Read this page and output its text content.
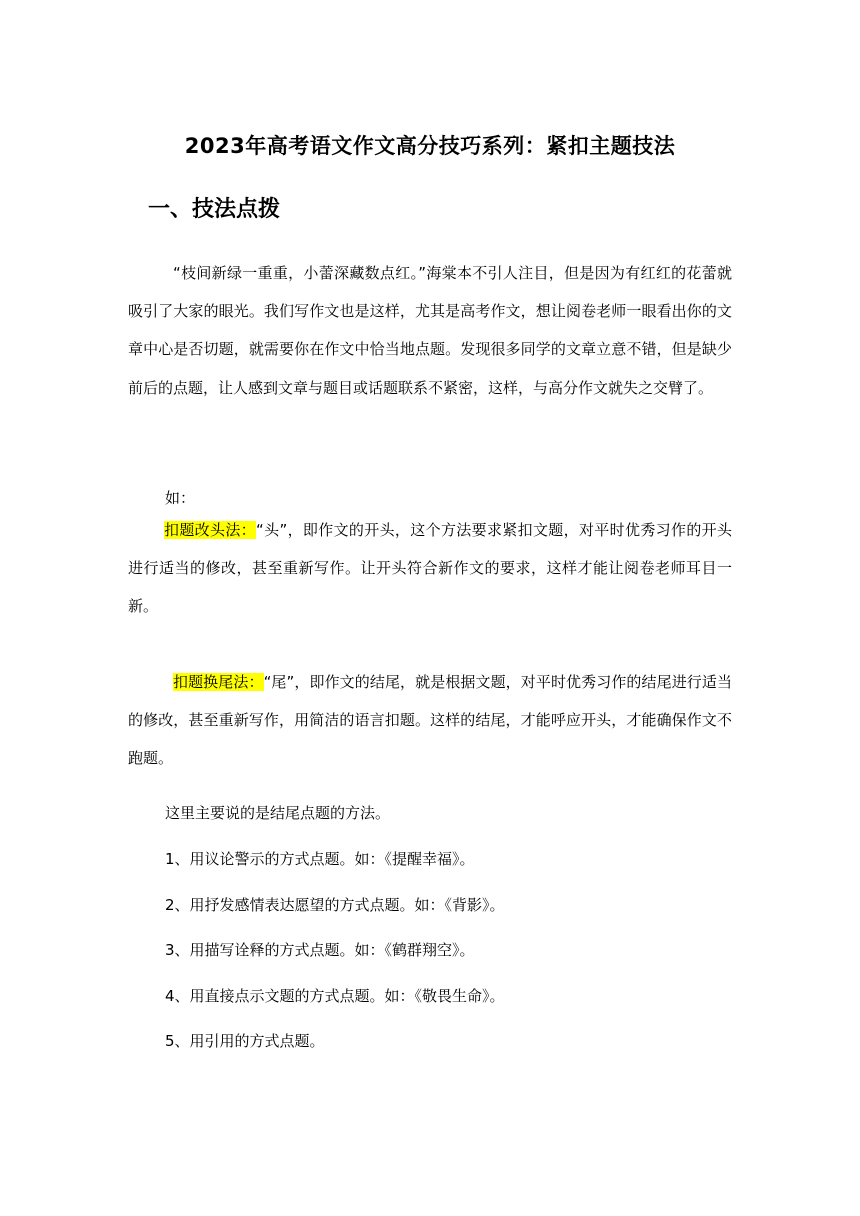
2023年高考语文作文高分技巧系列：紧扣主题技法
一、技法点拨

“枝间新绿一重重，小蕾深藏数点红。”海棠本不引人注目，但是因为有红红的花蕾就吸引了大家的眼光。我们写作文也是这样，尤其是高考作文，想让阅卷老师一眼看出你的文章中心是否切题，就需要你在作文中恰当地点题。发现很多同学的文章立意不错，但是缺少前后的点题，让人感到文章与题目或话题联系不紧密，这样，与高分作文就失之交臂了。

如：

扣题改头法：“头”，即作文的开头，这个方法要求紧扣文题，对平时优秀习作的开头进行适当的修改，甚至重新写作。让开头符合新作文的要求，这样才能让阅卷老师耳目一新。

扣题换尾法：“尾”，即作文的结尾，就是根据文题，对平时优秀习作的结尾进行适当的修改，甚至重新写作，用简洁的语言扣题。这样的结尾，才能呼应开头，才能确保作文不跑题。

这里主要说的是结尾点题的方法。

1、用议论警示的方式点题。如：《提醒幸福》。

2、用抒发感情表达愿望的方式点题。如：《背影》。

3、用描写诠释的方式点题。如：《鹤群翔空》。

4、用直接点示文题的方式点题。如：《敬畏生命》。

5、用引用的方式点题。
